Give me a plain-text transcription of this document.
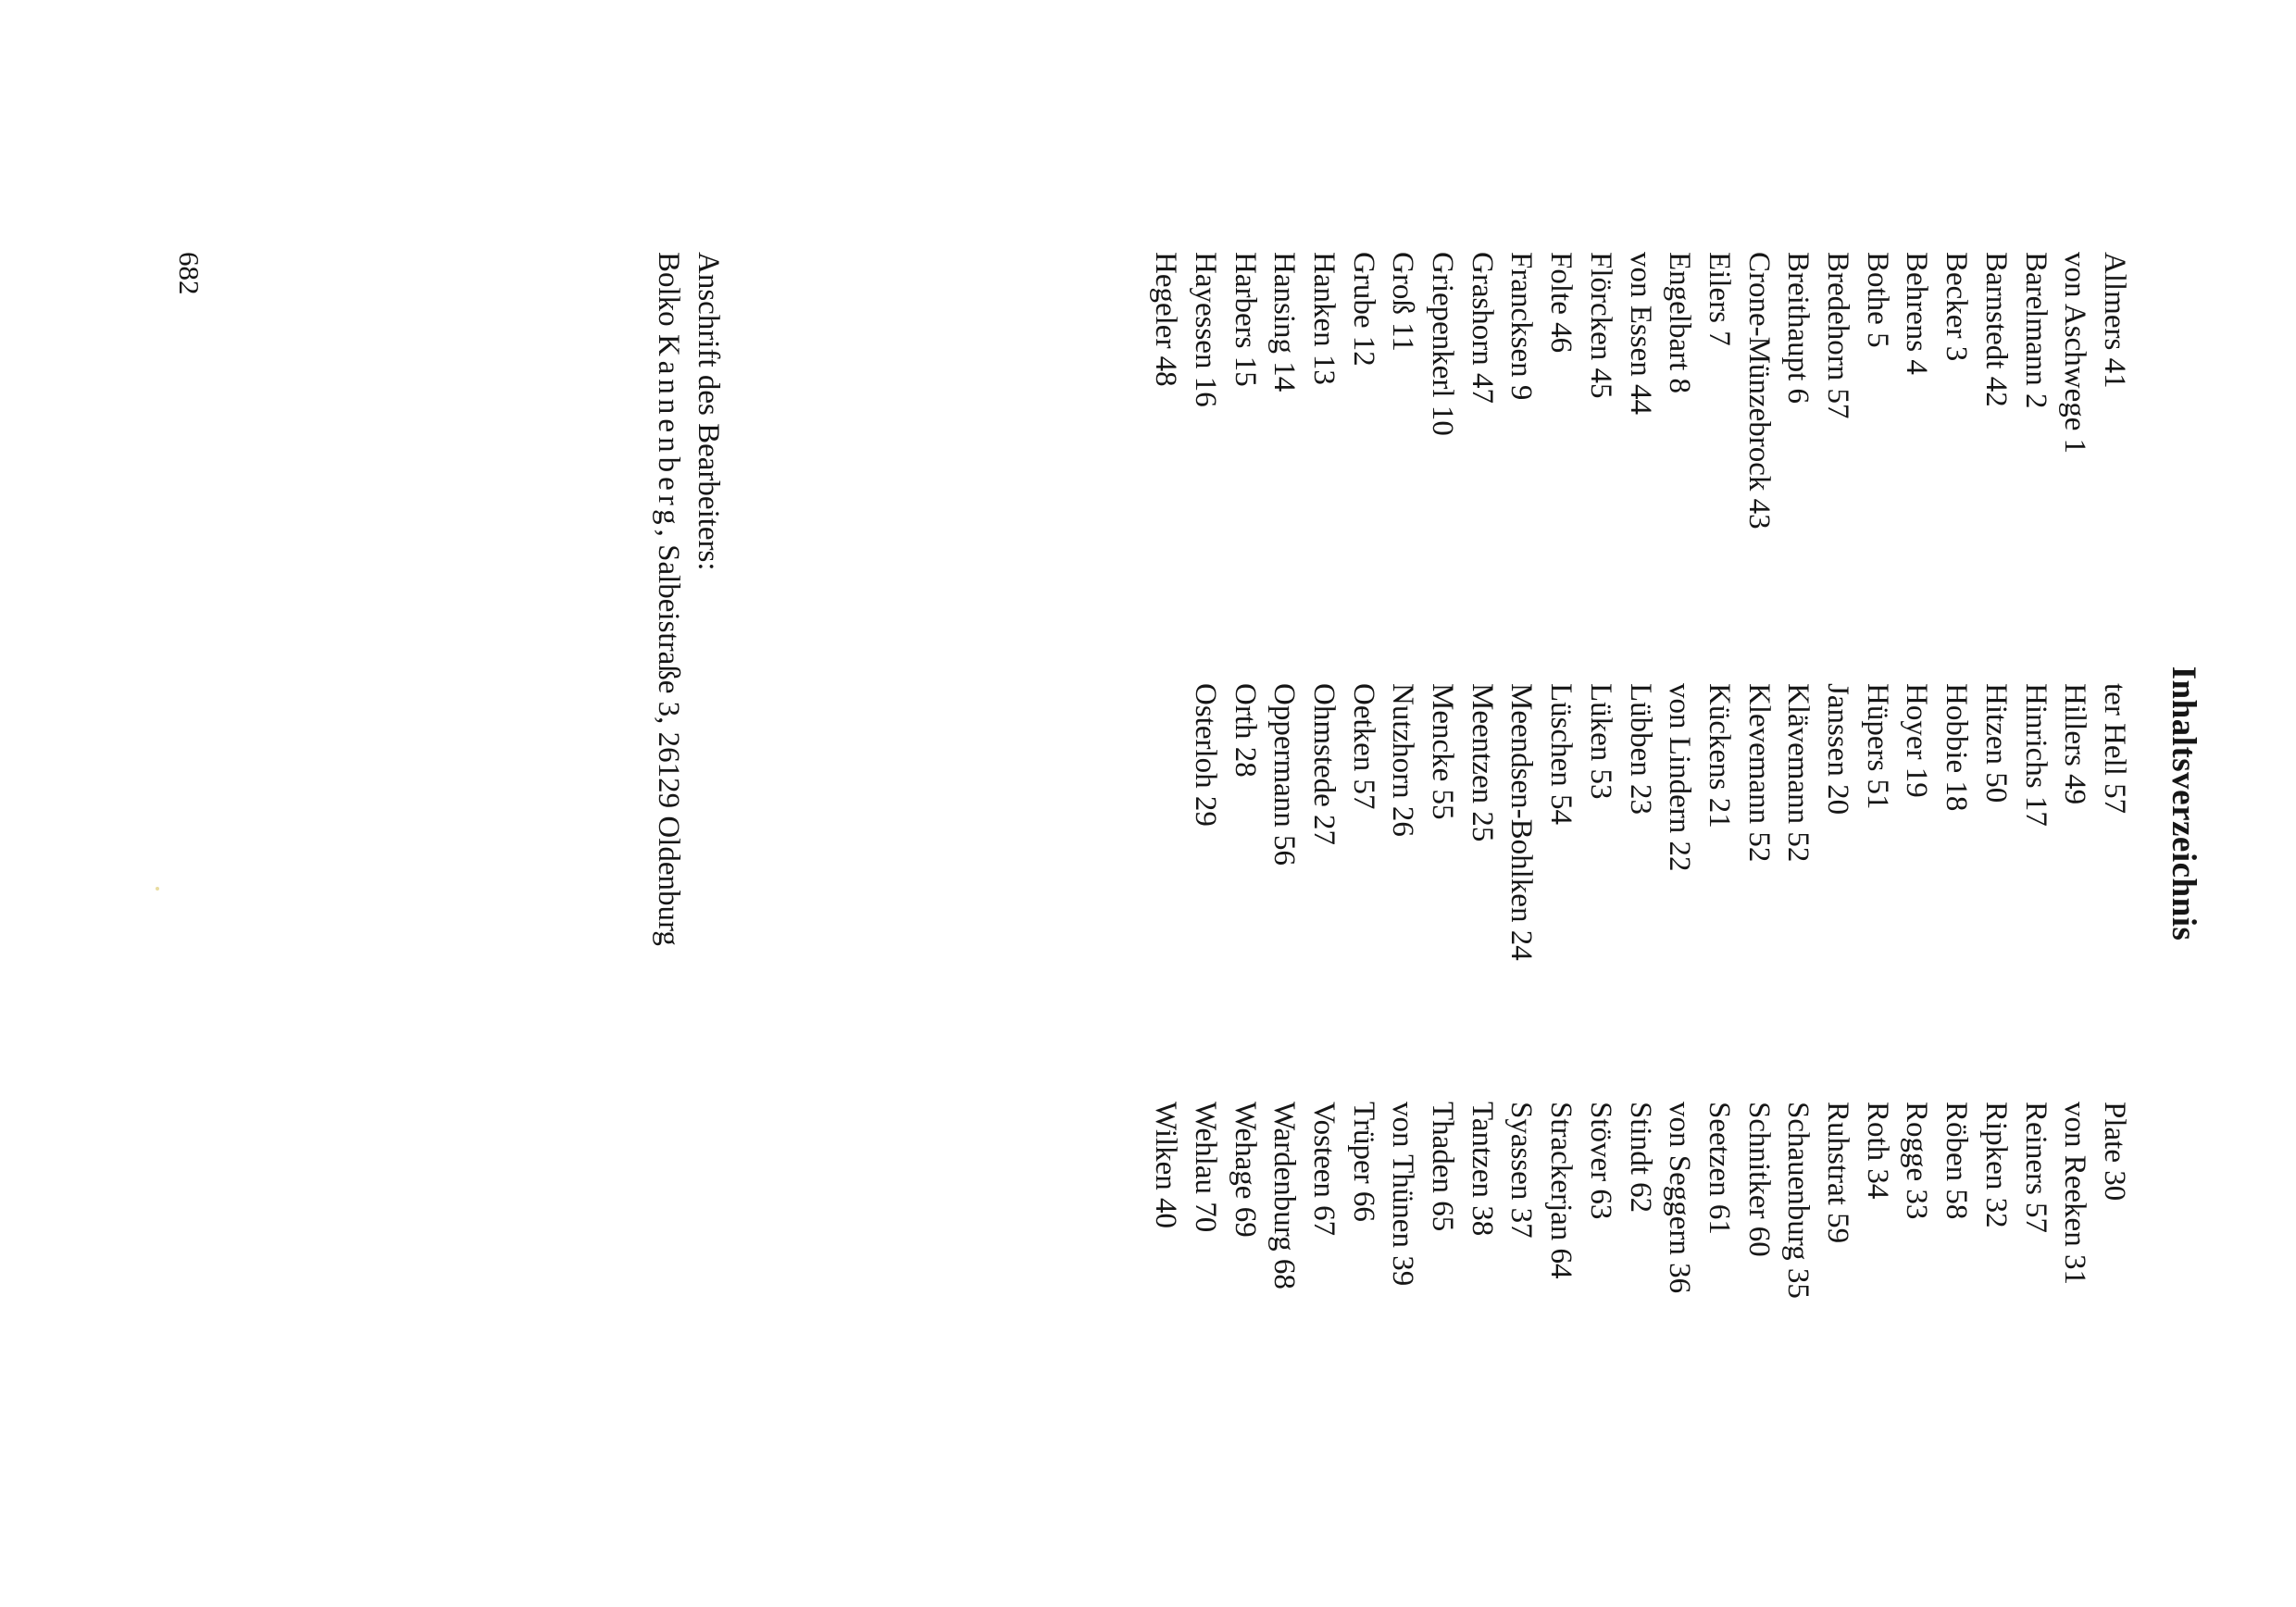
Inhaltsverzeichnis
Allmers 41
von Aschwege 1
Barelmann 2
Barnstedt 42
Becker 3
Behrens 4
Bothe 5
Bredehorn 57
Breithaupt 6
Crone-Münzebrock 43
Eilers 7
Engelbart 8
von Essen 44
Flörcken 45
Folte 46
Francksen 9
Grashorn 47
Griepenkerl 10
Groß 11
Grube 12
Hanken 13
Hansing 14
Harbers 15
Hayessen 16
Hegeler 48
ter Hell 57
Hillers 49
Hinrichs 17
Hitzen 50
Hobbie 18
Hoyer 19
Hüpers 51
Janssen 20
Klävemann 52
Klevemann 52
Kückens 21
von Lindern 22
Lübben 23
Lüken 53
Lüschen 54
Meendsen-Bohlken 24
Meentzen 25
Mencke 55
Nutzhorn 26
Oetken 57
Ohmstede 27
Oppermann 56
Orth 28
Osterloh 29
Plate 30
von Reeken 31
Reiners 57
Ripken 32
Röben 58
Rogge 33
Roth 34
Ruhstrat 59
Schauenburg 35
Schnitker 60
Seetzen 61
von Seggern 36
Stindt 62
Stöver 63
Strackerjan 64
Syassen 37
Tantzen 38
Thaden 65
von Thünen 39
Trüper 66
Vosteen 67
Wardenburg 68
Wehage 69
Wehlau 70
Wilken 40
Anschrift des Bearbeiters:
Bolko Kannenberg, Salbeistraße 3, 26129 Oldenburg
682
